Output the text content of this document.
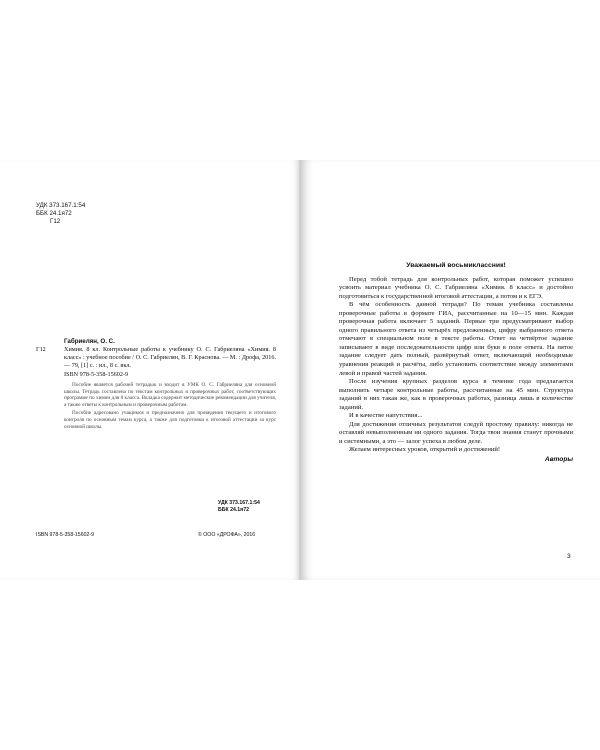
УДК 373.167.1:54
ББК 24.1я72
Г12
Габриелян, О. С.
Г12	Химия. 8 кл. Контрольные работы к учебнику О. С. Габриеляна «Химия. 8 класс» : учебное пособие / О. С. Габриелян, В. Г. Краснова. — М. : Дрофа, 2016. — 79, [1] с. : ил., 8 с. вкл.
ISBN 978-5-358-15602-9

Пособие является рабочей тетрадью и входит в УМК О. С. Габриеляна для основной школы. Тетрадь составлена по текстам контрольных и проверочных работ, соответствующих программе по химии для 8 класса. Вкладка содержит методические рекомендации для учителя, а также ответы к контрольным и проверочным работам.

Пособие адресовано учащимся и предназначено для проведения текущего и итогового контроля по основным темам курса, а также для подготовки к итоговой аттестации за курс основной школы.

УДК 373.167.1:54
ББК 24.1я72
ISBN 978-5-358-15602-9	© ООО «ДРОФА», 2016
Уважаемый восьмиклассник!

Перед тобой тетрадь для контрольных работ, которая поможет успешно усвоить материал учебника О. С. Габриеляна «Химия. 8 класс» и достойно подготовиться к государственной итоговой аттестации, а потом и к ЕГЭ.

В чём особенность данной тетради? По темам учебника составлены проверочные работы в формате ГИА, рассчитанные на 10—15 мин. Каждая проверочная работа включает 5 заданий. Первые три предусматривают выбор одного правильного ответа из четырёх предложенных, цифру выбранного ответа отмечают в специальном поле в тексте работы. Ответ на четвёртое задание записывают в виде последовательности цифр или букв в поле ответа. На пятое задание следует дать полный, развёрнутый ответ, включающий необходимые уравнения реакций и расчёты, либо установить соответствие между элементами левой и правой частей задания.

После изучения крупных разделов курса в течение года предлагается выполнить четыре контрольные работы, рассчитанные на 45 мин. Структура заданий в них такая же, как в проверочных работах, разница лишь в количестве заданий.

И в качестве напутствия...

Для достижения отличных результатов следуй простому правилу: никогда не оставляй невыполненным ни одного задания. Тогда твои знания станут прочными и системными, а это — залог успеха в любом деле.

Желаем интересных уроков, открытий и достижений!

Авторы
3
